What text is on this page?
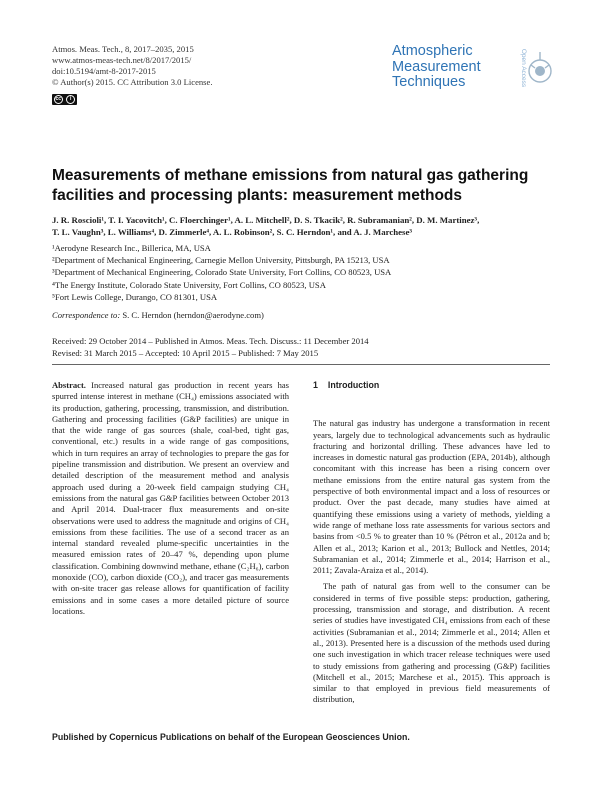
Atmos. Meas. Tech., 8, 2017–2035, 2015
www.atmos-meas-tech.net/8/2017/2015/
doi:10.5194/amt-8-2017-2015
© Author(s) 2015. CC Attribution 3.0 License.
cc	i
Atmospheric
Measurement
Techniques	Open Access
Measurements of methane emissions from natural gas gathering
facilities and processing plants: measurement methods
J. R. Roscioli¹, T. I. Yacovitch¹, C. Floerchinger¹, A. L. Mitchell², D. S. Tkacik², R. Subramanian², D. M. Martinez³,
T. L. Vaughn³, L. Williams⁴, D. Zimmerle⁴, A. L. Robinson², S. C. Herndon¹, and A. J. Marchese³
¹Aerodyne Research Inc., Billerica, MA, USA
²Department of Mechanical Engineering, Carnegie Mellon University, Pittsburgh, PA 15213, USA
³Department of Mechanical Engineering, Colorado State University, Fort Collins, CO 80523, USA
⁴The Energy Institute, Colorado State University, Fort Collins, CO 80523, USA
⁵Fort Lewis College, Durango, CO 81301, USA
Correspondence to: S. C. Herndon (herndon@aerodyne.com)
Received: 29 October 2014 – Published in Atmos. Meas. Tech. Discuss.: 11 December 2014
Revised: 31 March 2015 – Accepted: 10 April 2015 – Published: 7 May 2015

Abstract. Increased natural gas production in recent years has spurred intense interest in methane (CH₄) emissions associated with its production, gathering, processing, transmission, and distribution. Gathering and processing facilities (G&P facilities) are unique in that the wide range of gas sources (shale, coal-bed, tight gas, conventional, etc.) results in a wide range of gas compositions, which in turn requires an array of technologies to prepare the gas for pipeline transmission and distribution. We present an overview and detailed description of the measurement method and analysis approach used during a 20-week field campaign studying CH₄ emissions from the natural gas G&P facilities between October 2013 and April 2014. Dual-tracer flux measurements and on-site observations were used to address the magnitude and origins of CH₄ emissions from these facilities. The use of a second tracer as an internal standard revealed plume-specific uncertainties in the measured emission rates of 20–47 %, depending upon plume classification. Combining downwind methane, ethane (C₂H₆), carbon monoxide (CO), carbon dioxide (CO₂), and tracer gas measurements with on-site tracer gas release allows for quantification of facility emissions and in some cases a more detailed picture of source locations.

1 Introduction

The natural gas industry has undergone a transformation in recent years, largely due to technological advancements such as hydraulic fracturing and horizontal drilling. These advances have led to increases in domestic natural gas production (EPA, 2014b), although concomitant with this increase has been a rising concern over methane emissions from the entire natural gas system from the perspective of both environmental impact and a loss of resources or product. Over the past decade, many studies have aimed at quantifying these emissions using a variety of methods, yielding a wide range of methane loss rate assessments for various sectors and basins from <0.5 % to greater than 10 % (Pétron et al., 2012a and b; Allen et al., 2013; Karion et al., 2013; Bullock and Nettles, 2014; Subramanian et al., 2014; Zimmerle et al., 2014; Harrison et al., 2011; Zavala-Araiza et al., 2014).

The path of natural gas from well to the consumer can be considered in terms of five possible steps: production, gathering, processing, transmission and storage, and distribution. A recent series of studies have investigated CH₄ emissions from each of these activities (Subramanian et al., 2014; Zimmerle et al., 2014; Allen et al., 2013). Presented here is a discussion of the methods used during one such investigation in which tracer release techniques were used to study emissions from gathering and processing (G&P) facilities (Mitchell et al., 2015; Marchese et al., 2015). This approach is similar to that employed in previous field measurements of distribution,

Published by Copernicus Publications on behalf of the European Geosciences Union.
